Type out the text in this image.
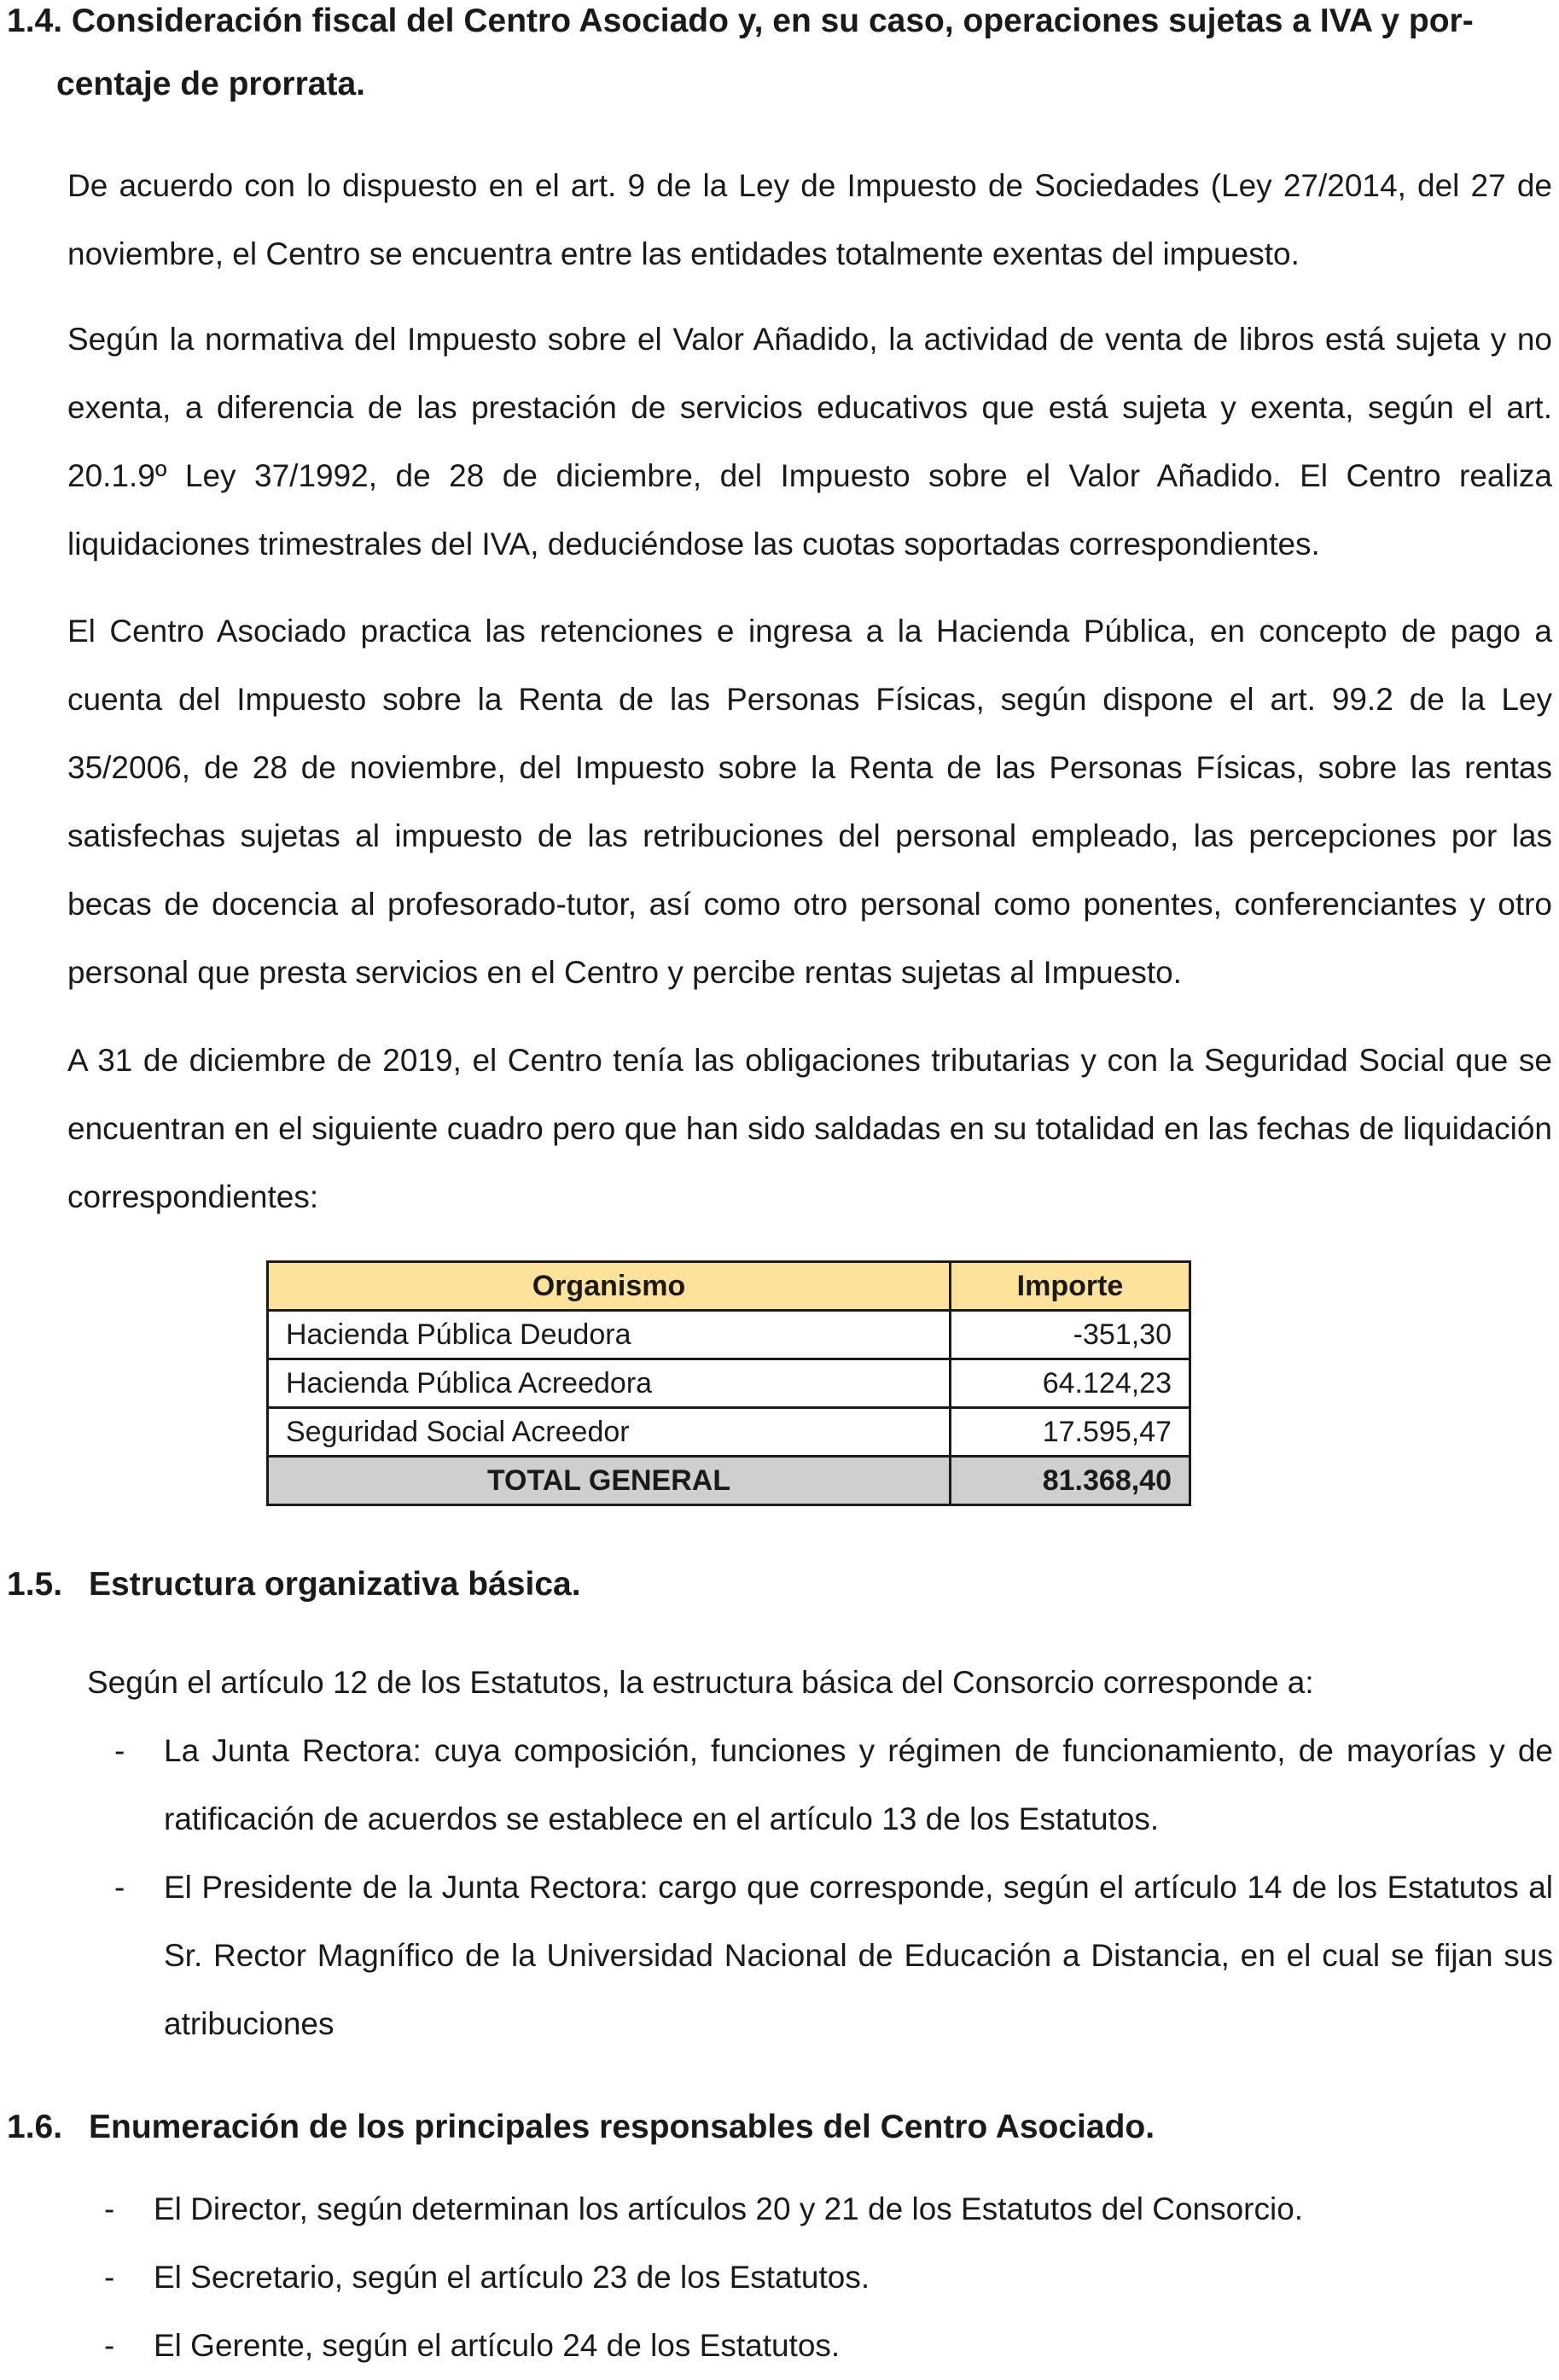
1.4. Consideración fiscal del Centro Asociado y, en su caso, operaciones sujetas a IVA y por-
centaje de prorrata.

De acuerdo con lo dispuesto en el art. 9 de la Ley de Impuesto de Sociedades (Ley 27/2014, del 27 de noviembre, el Centro se encuentra entre las entidades totalmente exentas del impuesto.

Según la normativa del Impuesto sobre el Valor Añadido, la actividad de venta de libros está sujeta y no exenta, a diferencia de las prestación de servicios educativos que está sujeta y exenta, según el art. 20.1.9º Ley 37/1992, de 28 de diciembre, del Impuesto sobre el Valor Añadido. El Centro realiza liquidaciones trimestrales del IVA, deduciéndose las cuotas soportadas correspondientes.

El Centro Asociado practica las retenciones e ingresa a la Hacienda Pública, en concepto de pago a cuenta del Impuesto sobre la Renta de las Personas Físicas, según dispone el art. 99.2 de la Ley 35/2006, de 28 de noviembre, del Impuesto sobre la Renta de las Personas Físicas, sobre las rentas satisfechas sujetas al impuesto de las retribuciones del personal empleado, las percepciones por las becas de docencia al profesorado-tutor, así como otro personal como ponentes, conferenciantes y otro personal que presta servicios en el Centro y percibe rentas sujetas al Impuesto.

A 31 de diciembre de 2019, el Centro tenía las obligaciones tributarias y con la Seguridad Social que se encuentran en el siguiente cuadro pero que han sido saldadas en su totalidad en las fechas de liquidación correspondientes:

Organismo	Importe
Hacienda Pública Deudora	-351,30
Hacienda Pública Acreedora	64.124,23
Seguridad Social Acreedor	17.595,47
TOTAL GENERAL	81.368,40
1.5. Estructura organizativa básica.

Según el artículo 12 de los Estatutos, la estructura básica del Consorcio corresponde a:

- La Junta Rectora: cuya composición, funciones y régimen de funcionamiento, de mayorías y de ratificación de acuerdos se establece en el artículo 13 de los Estatutos.
- El Presidente de la Junta Rectora: cargo que corresponde, según el artículo 14 de los Estatutos al Sr. Rector Magnífico de la Universidad Nacional de Educación a Distancia, en el cual se fijan sus atribuciones
1.6. Enumeración de los principales responsables del Centro Asociado.
- El Director, según determinan los artículos 20 y 21 de los Estatutos del Consorcio.
- El Secretario, según el artículo 23 de los Estatutos.
- El Gerente, según el artículo 24 de los Estatutos.
